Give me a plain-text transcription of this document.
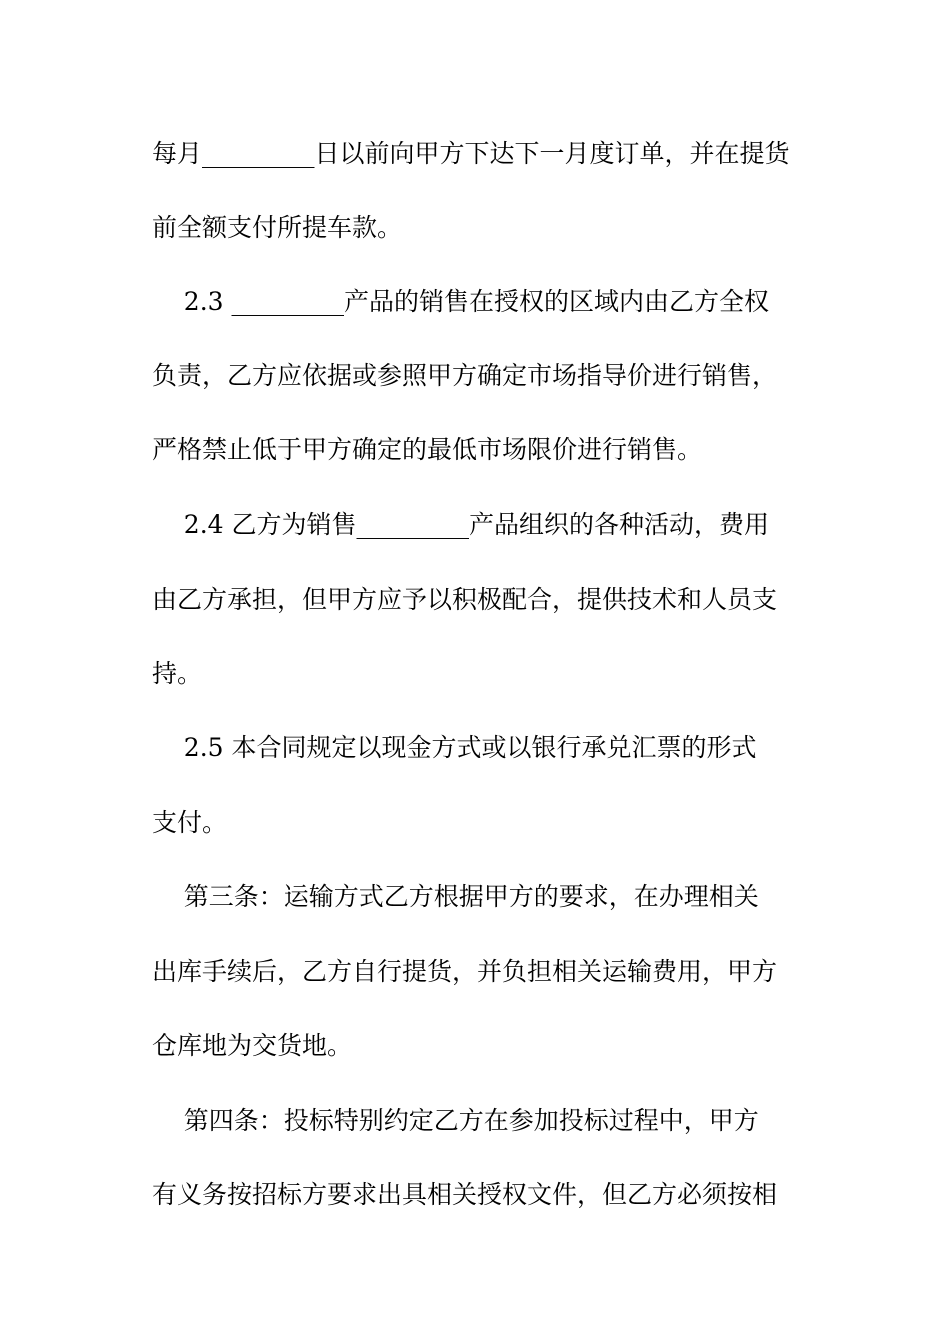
每月_________日以前向甲方下达下一月度订单，并在提货
前全额支付所提车款。
2.3 _________产品的销售在授权的区域内由乙方全权
负责，乙方应依据或参照甲方确定市场指导价进行销售，
严格禁止低于甲方确定的最低市场限价进行销售。
2.4 乙方为销售_________产品组织的各种活动，费用
由乙方承担，但甲方应予以积极配合，提供技术和人员支
持。
2.5 本合同规定以现金方式或以银行承兑汇票的形式
支付。
第三条：运输方式乙方根据甲方的要求，在办理相关
出库手续后，乙方自行提货，并负担相关运输费用，甲方
仓库地为交货地。
第四条：投标特别约定乙方在参加投标过程中，甲方
有义务按招标方要求出具相关授权文件，但乙方必须按相
